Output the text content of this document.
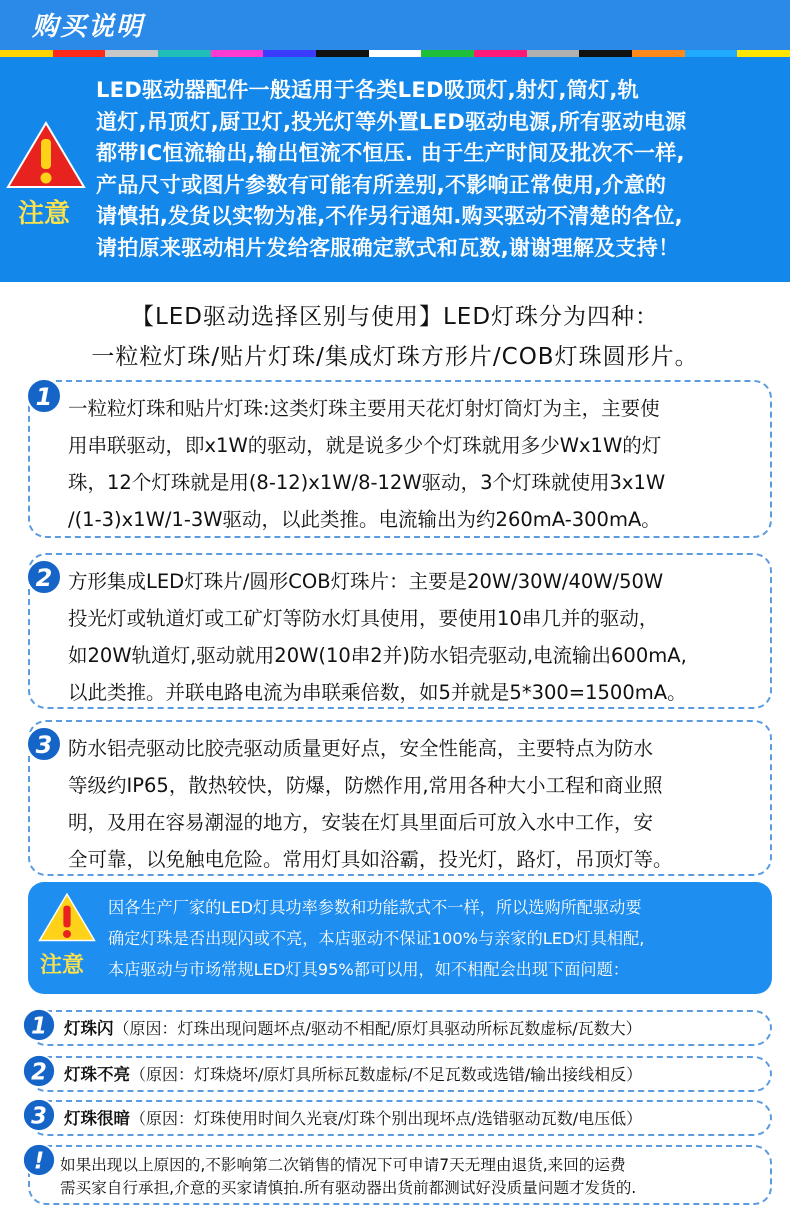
购买说明
注意

LED驱动器配件一般适用于各类LED吸顶灯,射灯,筒灯,轨

道灯,吊顶灯,厨卫灯,投光灯等外置LED驱动电源,所有驱动电源

都带IC恒流输出,输出恒流不恒压. 由于生产时间及批次不一样,

产品尺寸或图片参数有可能有所差别,不影响正常使用,介意的

请慎拍,发货以实物为准,不作另行通知.购买驱动不清楚的各位,

请拍原来驱动相片发给客服确定款式和瓦数,谢谢理解及支持！

【LED驱动选择区别与使用】LED灯珠分为四种：
一粒粒灯珠/贴片灯珠/集成灯珠方形片/COB灯珠圆形片。
1 一粒粒灯珠和贴片灯珠:这类灯珠主要用天花灯射灯筒灯为主，主要使

用串联驱动，即x1W的驱动，就是说多少个灯珠就用多少Wx1W的灯

珠，12个灯珠就是用(8-12)x1W/8-12W驱动，3个灯珠就使用3x1W

/(1-3)x1W/1-3W驱动，以此类推。电流输出为约260mA-300mA。

2 方形集成LED灯珠片/圆形COB灯珠片：主要是20W/30W/40W/50W

投光灯或轨道灯或工矿灯等防水灯具使用，要使用10串几并的驱动，

如20W轨道灯,驱动就用20W(10串2并)防水铝壳驱动,电流输出600mA,

以此类推。并联电路电流为串联乘倍数，如5并就是5*300=1500mA。

3 防水铝壳驱动比胶壳驱动质量更好点，安全性能高，主要特点为防水

等级约IP65，散热较快，防爆，防燃作用,常用各种大小工程和商业照

明，及用在容易潮湿的地方，安装在灯具里面后可放入水中工作，安

全可靠，以免触电危险。常用灯具如浴霸，投光灯，路灯，吊顶灯等。

注意

因各生产厂家的LED灯具功率参数和功能款式不一样，所以选购所配驱动要

确定灯珠是否出现闪或不亮，本店驱动不保证100%与亲家的LED灯具相配,

本店驱动与市场常规LED灯具95%都可以用，如不相配会出现下面问题：

1 灯珠闪（原因：灯珠出现问题坏点/驱动不相配/原灯具驱动所标瓦数虚标/瓦数大）
2 灯珠不亮（原因：灯珠烧坏/原灯具所标瓦数虚标/不足瓦数或选错/输出接线相反）
3 灯珠很暗（原因：灯珠使用时间久光衰/灯珠个别出现坏点/选错驱动瓦数/电压低）
! 如果出现以上原因的,不影响第二次销售的情况下可申请7天无理由退货,来回的运费

需买家自行承担,介意的买家请慎拍.所有驱动器出货前都测试好没质量问题才发货的.
